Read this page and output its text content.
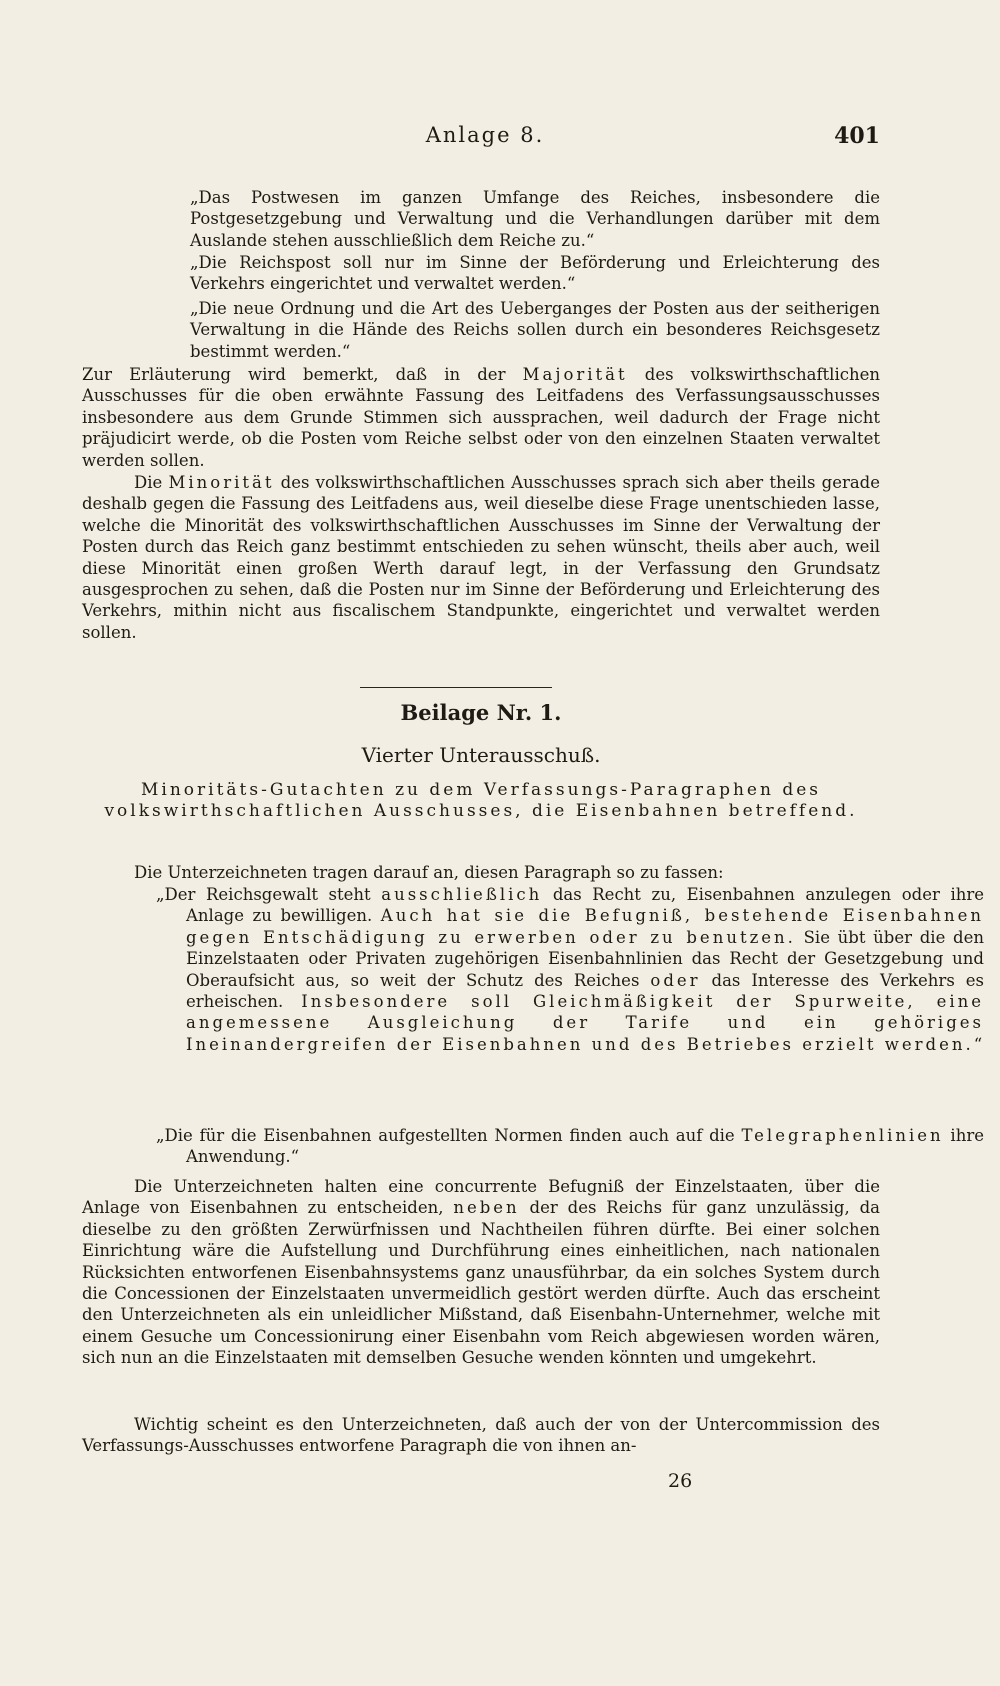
Anlage 8.	401

„Das Postwesen im ganzen Umfange des Reiches, insbesondere die Postgesetzgebung und Verwaltung und die Verhandlungen darüber mit dem Auslande stehen ausschließlich dem Reiche zu.“

„Die Reichspost soll nur im Sinne der Beförderung und Erleichterung des Verkehrs eingerichtet und verwaltet werden.“

„Die neue Ordnung und die Art des Ueberganges der Posten aus der seitherigen Verwaltung in die Hände des Reichs sollen durch ein besonderes Reichsgesetz bestimmt werden.“

Zur Erläuterung wird bemerkt, daß in der Majorität des volkswirthschaftlichen Ausschusses für die oben erwähnte Fassung des Leitfadens des Verfassungsausschusses insbesondere aus dem Grunde Stimmen sich aussprachen, weil dadurch der Frage nicht präjudicirt werde, ob die Posten vom Reiche selbst oder von den einzelnen Staaten verwaltet werden sollen.

Die Minorität des volkswirthschaftlichen Ausschusses sprach sich aber theils gerade deshalb gegen die Fassung des Leitfadens aus, weil dieselbe diese Frage unentschieden lasse, welche die Minorität des volkswirthschaftlichen Ausschusses im Sinne der Verwaltung der Posten durch das Reich ganz bestimmt entschieden zu sehen wünscht, theils aber auch, weil diese Minorität einen großen Werth darauf legt, in der Verfassung den Grundsatz ausgesprochen zu sehen, daß die Posten nur im Sinne der Beförderung und Erleichterung des Verkehrs, mithin nicht aus fiscalischem Standpunkte, eingerichtet und verwaltet werden sollen.

Beilage Nr. 1.
Vierter Unterausschuß.
Minoritäts-Gutachten zu dem Verfassungs-Paragraphen des volkswirthschaftlichen Ausschusses, die Eisenbahnen betreffend.

Die Unterzeichneten tragen darauf an, diesen Paragraph so zu fassen:

„Der Reichsgewalt steht ausschließlich das Recht zu, Eisenbahnen anzulegen oder ihre Anlage zu bewilligen. Auch hat sie die Befugniß, bestehende Eisenbahnen gegen Entschädigung zu erwerben oder zu benutzen. Sie übt über die den Einzelstaaten oder Privaten zugehörigen Eisenbahnlinien das Recht der Gesetzgebung und Oberaufsicht aus, so weit der Schutz des Reiches oder das Interesse des Verkehrs es erheischen. Insbesondere soll Gleichmäßigkeit der Spurweite, eine angemessene Ausgleichung der Tarife und ein gehöriges Ineinandergreifen der Eisenbahnen und des Betriebes erzielt werden.“

„Die für die Eisenbahnen aufgestellten Normen finden auch auf die Telegraphenlinien ihre Anwendung.“

Die Unterzeichneten halten eine concurrente Befugniß der Einzelstaaten, über die Anlage von Eisenbahnen zu entscheiden, neben der des Reichs für ganz unzulässig, da dieselbe zu den größten Zerwürfnissen und Nachtheilen führen dürfte. Bei einer solchen Einrichtung wäre die Aufstellung und Durchführung eines einheitlichen, nach nationalen Rücksichten entworfenen Eisenbahnsystems ganz unausführbar, da ein solches System durch die Concessionen der Einzelstaaten unvermeidlich gestört werden dürfte. Auch das erscheint den Unterzeichneten als ein unleidlicher Mißstand, daß Eisenbahn-Unternehmer, welche mit einem Gesuche um Concessionirung einer Eisenbahn vom Reich abgewiesen worden wären, sich nun an die Einzelstaaten mit demselben Gesuche wenden könnten und umgekehrt.

Wichtig scheint es den Unterzeichneten, daß auch der von der Untercommission des Verfassungs-Ausschusses entworfene Paragraph die von ihnen an-

26
